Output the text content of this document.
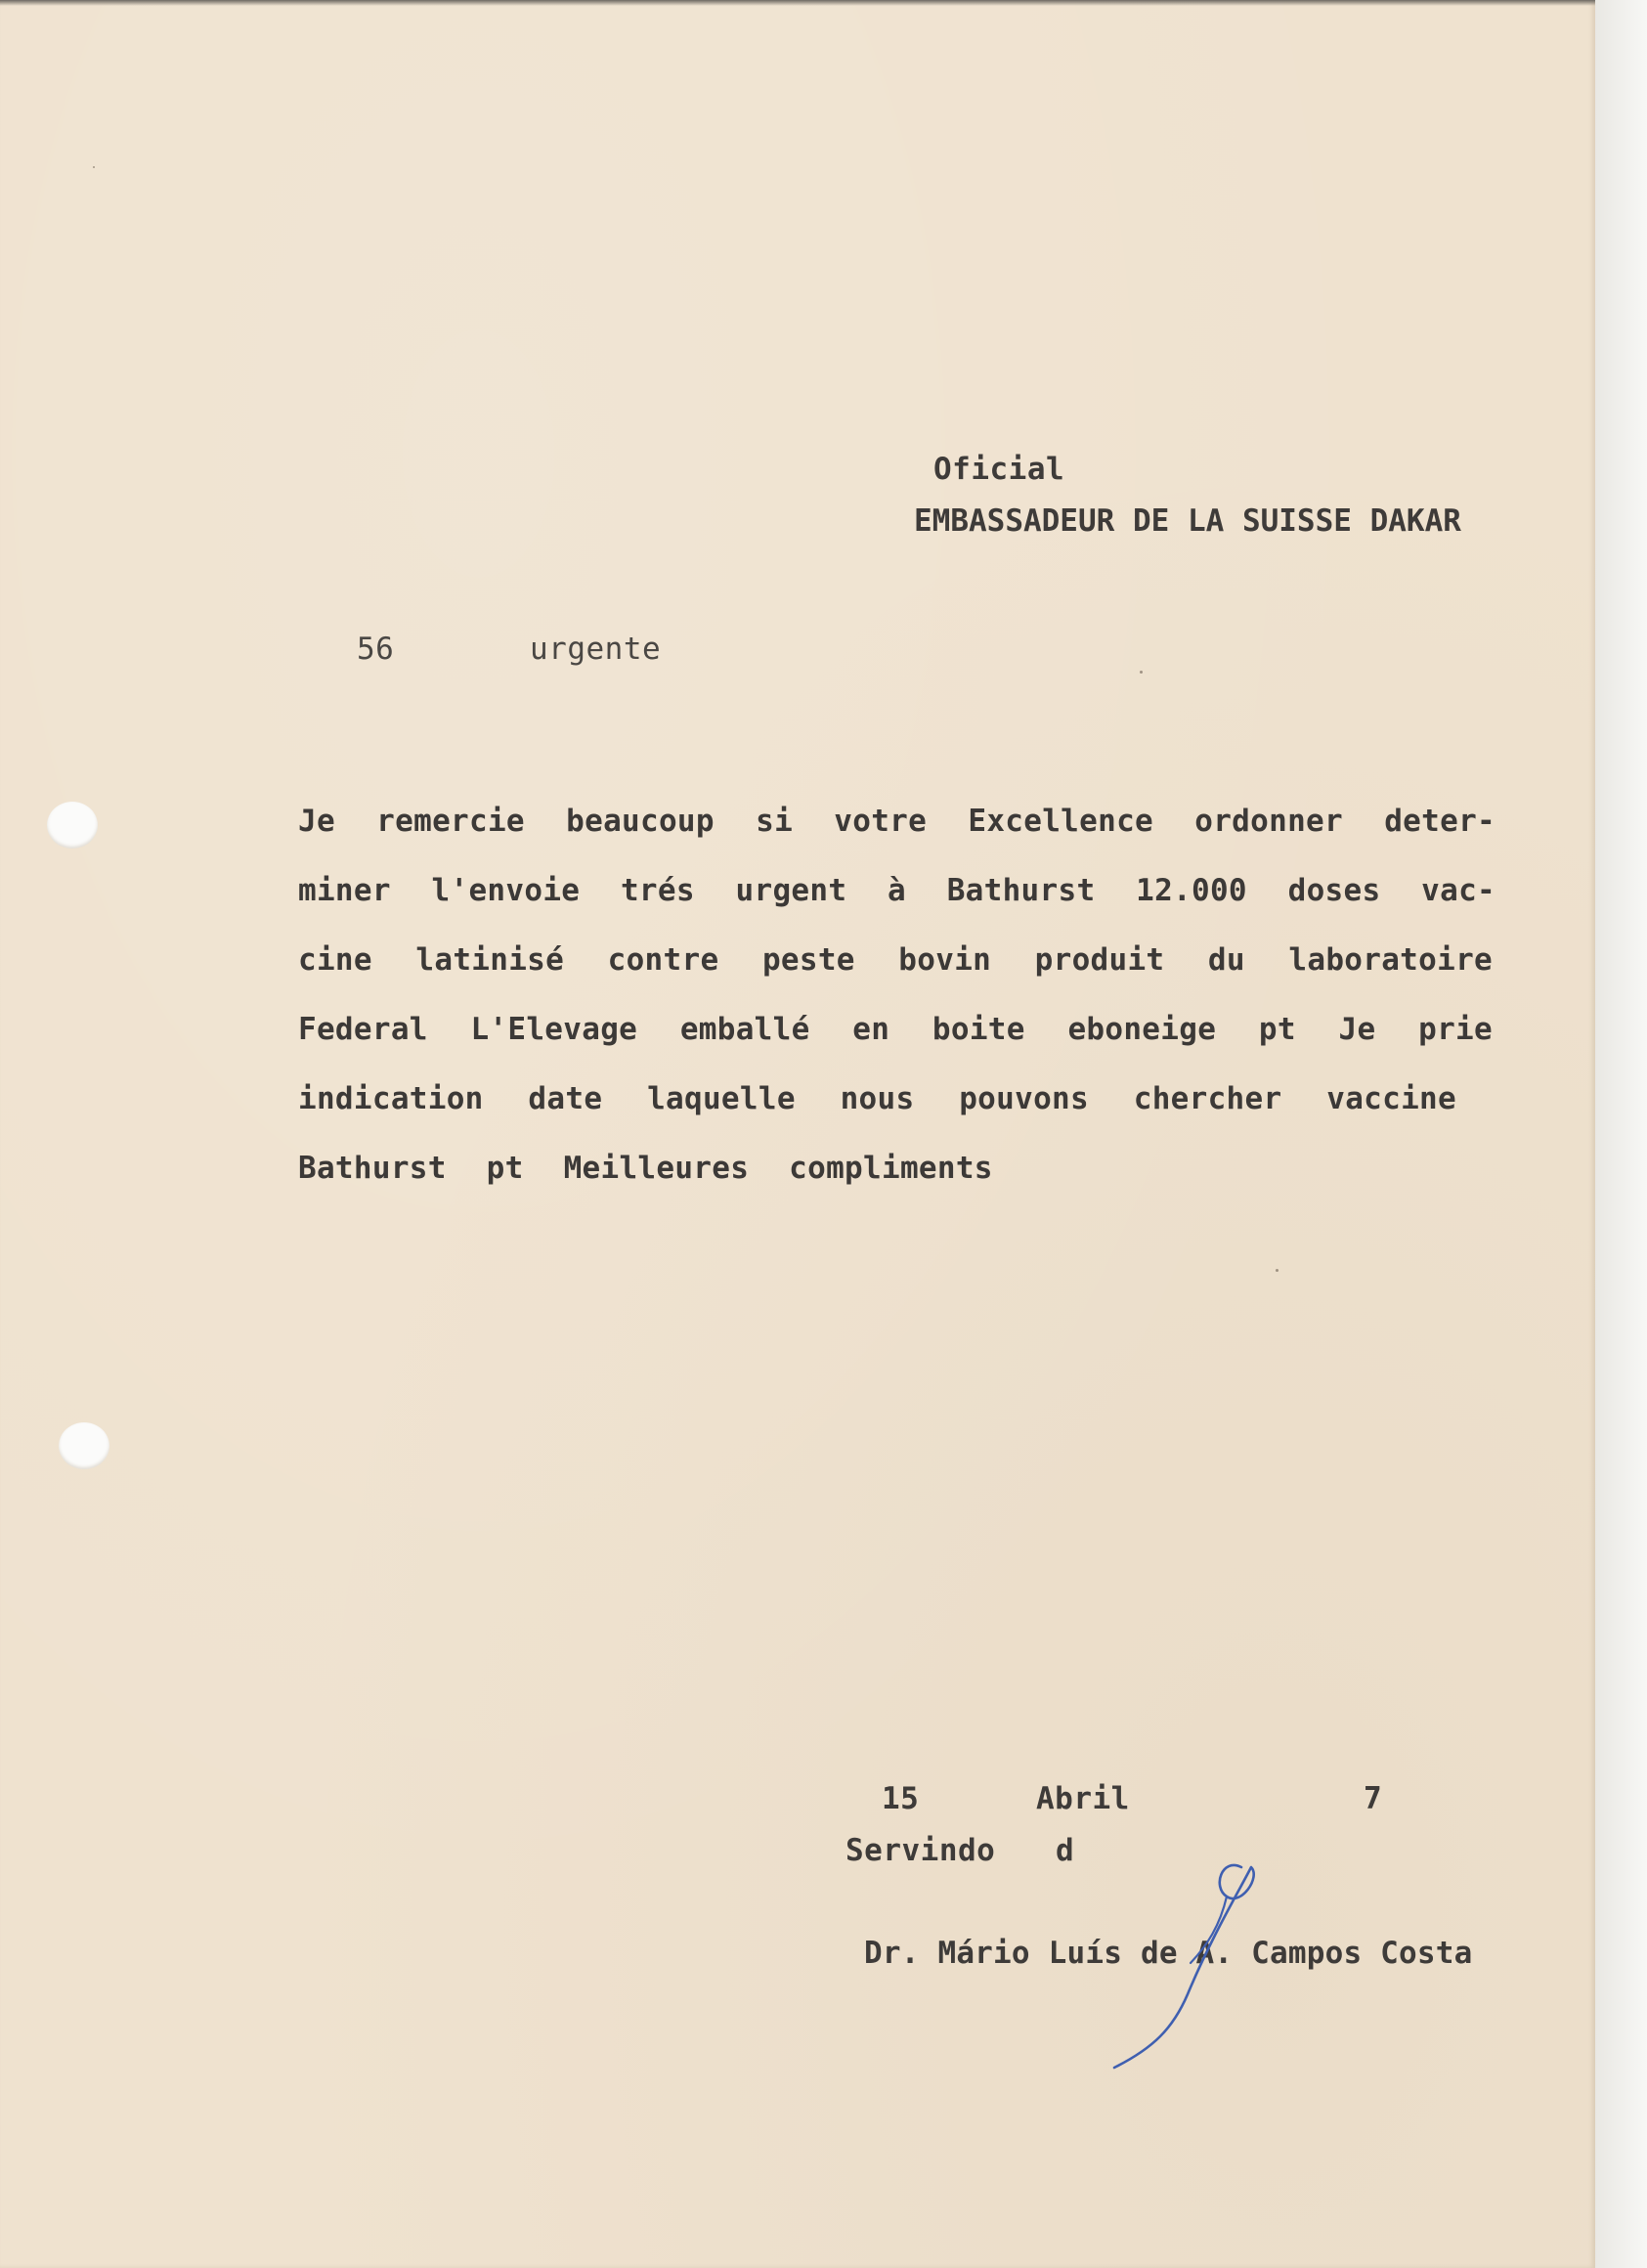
Oficial
EMBASSADEUR DE LA SUISSE DAKAR
56	urgente
Je remercie beaucoup si votre Excellence ordonner deter-
miner l'envoie trés urgent à Bathurst 12.000 doses vac-
cine latinisé contre peste bovin produit du laboratoire
Federal L'Elevage emballé en boite eboneige pt Je prie
indication date laquelle nous pouvons chercher vaccine
Bathurst pt Meilleures compliments
15	Abril	7
Servindo d
Dr. Mário Luís de A. Campos Costa
